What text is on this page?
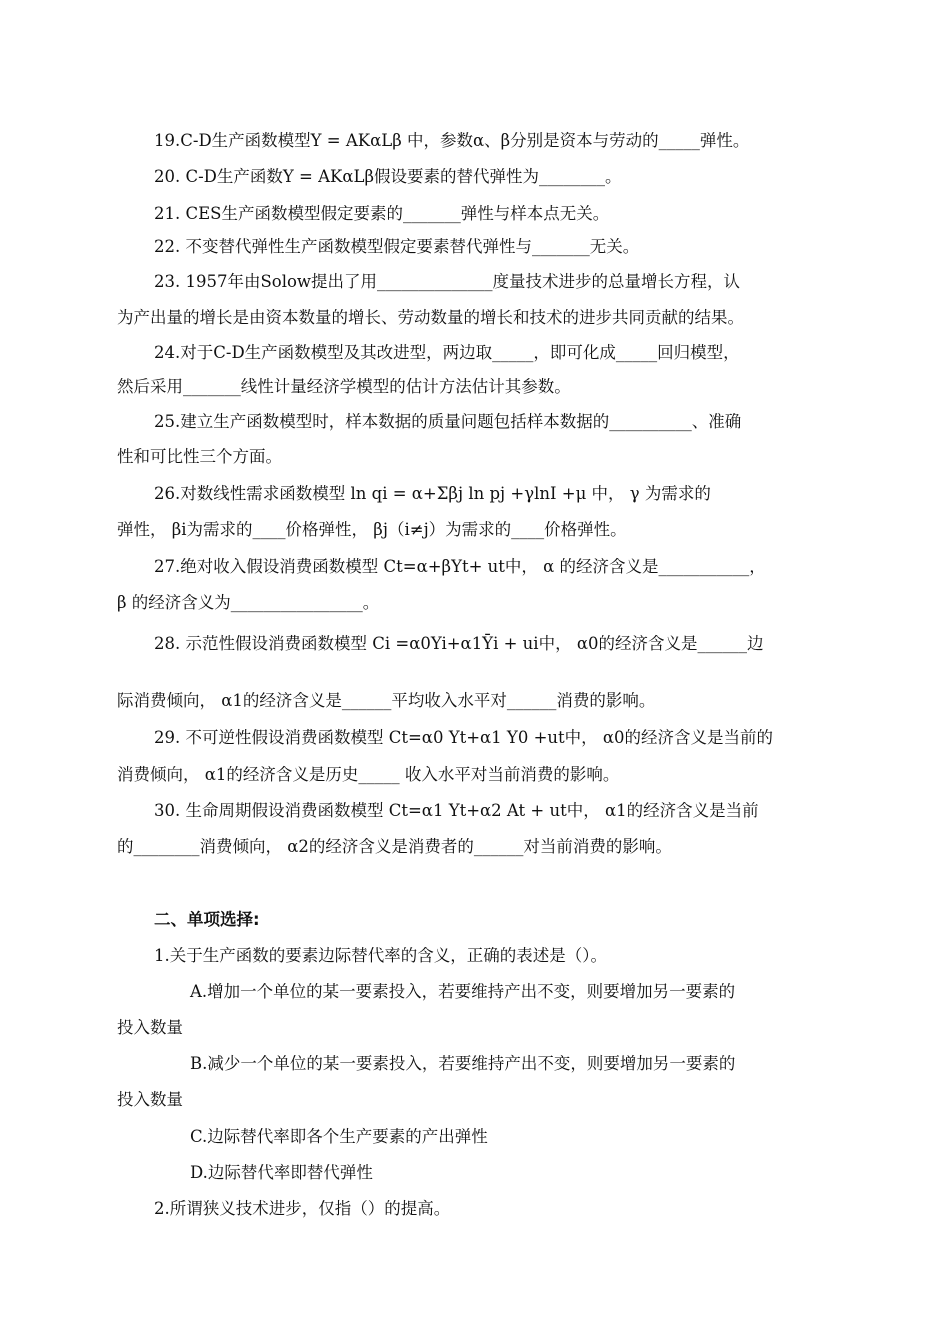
19.C-D生产函数模型Y = AKαLβ 中，参数α、β分别是资本与劳动的_____弹性。
20. C-D生产函数Y = AKαLβ假设要素的替代弹性为________。
21. CES生产函数模型假定要素的_______弹性与样本点无关。
22. 不变替代弹性生产函数模型假定要素替代弹性与_______无关。
23. 1957年由Solow提出了用______________度量技术进步的总量增长方程，认
为产出量的增长是由资本数量的增长、劳动数量的增长和技术的进步共同贡献的结果。
24.对于C-D生产函数模型及其改进型，两边取_____，即可化成_____回归模型，
然后采用_______线性计量经济学模型的估计方法估计其参数。
25.建立生产函数模型时，样本数据的质量问题包括样本数据的__________、准确
性和可比性三个方面。
26.对数线性需求函数模型 ln qi = α+Σβj ln pj +γlnI +μ 中， γ 为需求的
弹性， βi为需求的____价格弹性， βj（i≠j）为需求的____价格弹性。
27.绝对收入假设消费函数模型 Ct=α+βYt+ ut中， α 的经济含义是___________，
β 的经济含义为________________。
28. 示范性假设消费函数模型 Ci =α0Yi+α1Ȳi + ui中， α0的经济含义是______边
际消费倾向， α1的经济含义是______平均收入水平对______消费的影响。
29. 不可逆性假设消费函数模型 Ct=α0 Yt+α1 Y0 +ut中， α0的经济含义是当前的
消费倾向， α1的经济含义是历史_____ 收入水平对当前消费的影响。
30. 生命周期假设消费函数模型 Ct=α1 Yt+α2 At + ut中， α1的经济含义是当前
的________消费倾向， α2的经济含义是消费者的______对当前消费的影响。
二、单项选择:
1.关于生产函数的要素边际替代率的含义，正确的表述是（）。
A.增加一个单位的某一要素投入，若要维持产出不变，则要增加另一要素的
投入数量
B.减少一个单位的某一要素投入，若要维持产出不变，则要增加另一要素的
投入数量
C.边际替代率即各个生产要素的产出弹性
D.边际替代率即替代弹性
2.所谓狭义技术进步，仅指（）的提高。
